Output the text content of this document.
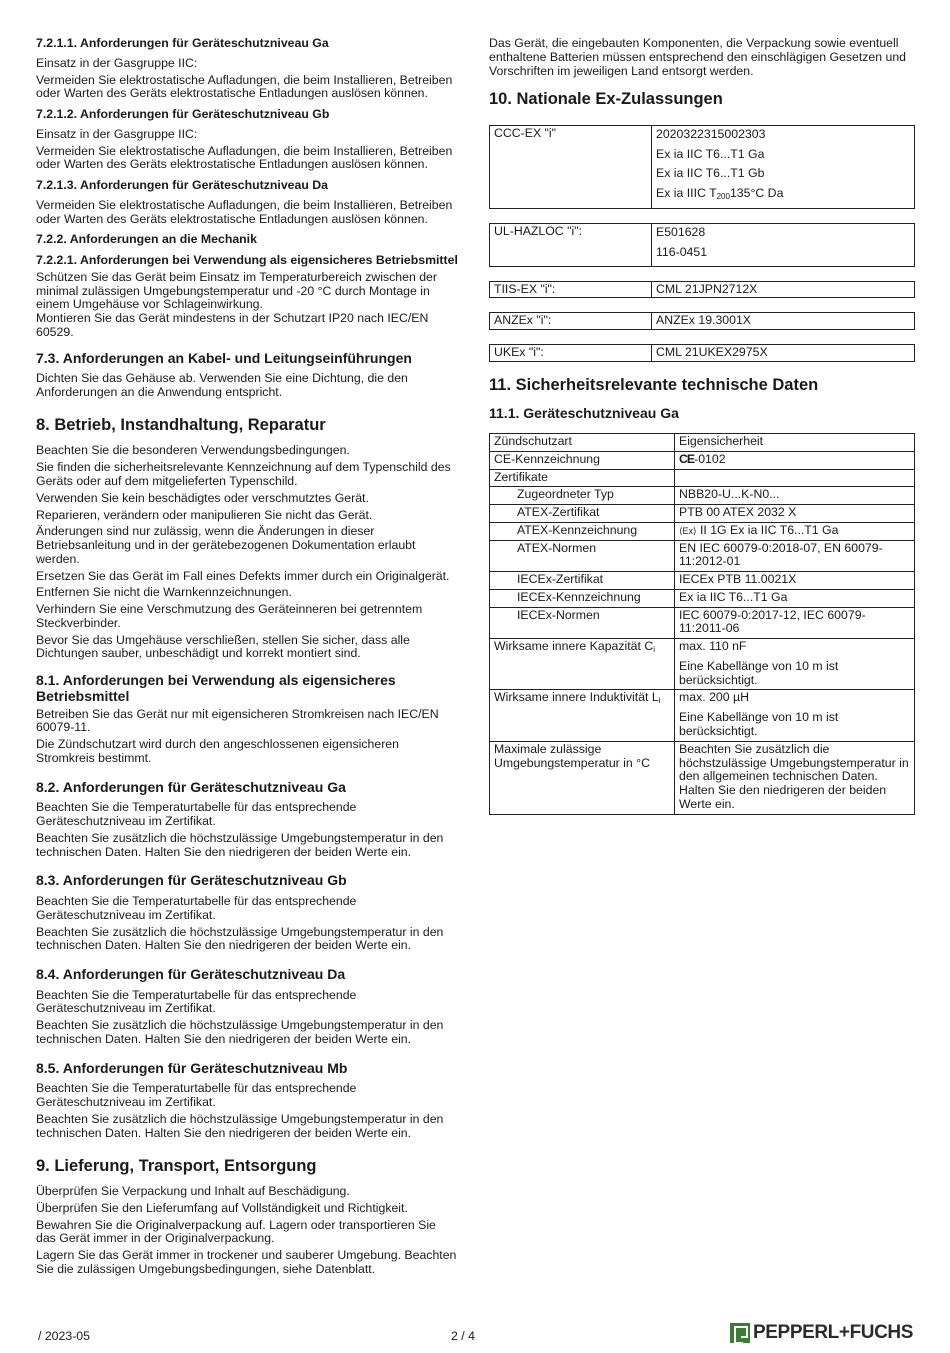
7.2.1.1. Anforderungen für Geräteschutzniveau Ga

Einsatz in der Gasgruppe IIC:

Vermeiden Sie elektrostatische Aufladungen, die beim Installieren, Betreiben oder Warten des Geräts elektrostatische Entladungen auslösen können.

7.2.1.2. Anforderungen für Geräteschutzniveau Gb

Einsatz in der Gasgruppe IIC:

Vermeiden Sie elektrostatische Aufladungen, die beim Installieren, Betreiben oder Warten des Geräts elektrostatische Entladungen auslösen können.

7.2.1.3. Anforderungen für Geräteschutzniveau Da

Vermeiden Sie elektrostatische Aufladungen, die beim Installieren, Betreiben oder Warten des Geräts elektrostatische Entladungen auslösen können.

7.2.2. Anforderungen an die Mechanik
7.2.2.1. Anforderungen bei Verwendung als eigensicheres Betriebsmittel

Schützen Sie das Gerät beim Einsatz im Temperaturbereich zwischen der minimal zulässigen Umgebungstemperatur und -20 °C durch Montage in einem Umgehäuse vor Schlageinwirkung.

Montieren Sie das Gerät mindestens in der Schutzart IP20 nach IEC/EN 60529.

7.3. Anforderungen an Kabel- und Leitungseinführungen

Dichten Sie das Gehäuse ab. Verwenden Sie eine Dichtung, die den Anforderungen an die Anwendung entspricht.

8. Betrieb, Instandhaltung, Reparatur

Beachten Sie die besonderen Verwendungsbedingungen.

Sie finden die sicherheitsrelevante Kennzeichnung auf dem Typenschild des Geräts oder auf dem mitgelieferten Typenschild.

Verwenden Sie kein beschädigtes oder verschmutztes Gerät.

Reparieren, verändern oder manipulieren Sie nicht das Gerät.

Änderungen sind nur zulässig, wenn die Änderungen in dieser Betriebsanleitung und in der gerätebezogenen Dokumentation erlaubt werden.

Ersetzen Sie das Gerät im Fall eines Defekts immer durch ein Originalgerät.

Entfernen Sie nicht die Warnkennzeichnungen.

Verhindern Sie eine Verschmutzung des Geräteinneren bei getrenntem Steckverbinder.

Bevor Sie das Umgehäuse verschließen, stellen Sie sicher, dass alle Dichtungen sauber, unbeschädigt und korrekt montiert sind.

8.1. Anforderungen bei Verwendung als eigensicheres Betriebsmittel

Betreiben Sie das Gerät nur mit eigensicheren Stromkreisen nach IEC/EN 60079-11.

Die Zündschutzart wird durch den angeschlossenen eigensicheren Stromkreis bestimmt.

8.2. Anforderungen für Geräteschutzniveau Ga

Beachten Sie die Temperaturtabelle für das entsprechende Geräteschutzniveau im Zertifikat.

Beachten Sie zusätzlich die höchstzulässige Umgebungstemperatur in den technischen Daten. Halten Sie den niedrigeren der beiden Werte ein.

8.3. Anforderungen für Geräteschutzniveau Gb

Beachten Sie die Temperaturtabelle für das entsprechende Geräteschutzniveau im Zertifikat.

Beachten Sie zusätzlich die höchstzulässige Umgebungstemperatur in den technischen Daten. Halten Sie den niedrigeren der beiden Werte ein.

8.4. Anforderungen für Geräteschutzniveau Da

Beachten Sie die Temperaturtabelle für das entsprechende Geräteschutzniveau im Zertifikat.

Beachten Sie zusätzlich die höchstzulässige Umgebungstemperatur in den technischen Daten. Halten Sie den niedrigeren der beiden Werte ein.

8.5. Anforderungen für Geräteschutzniveau Mb

Beachten Sie die Temperaturtabelle für das entsprechende Geräteschutzniveau im Zertifikat.

Beachten Sie zusätzlich die höchstzulässige Umgebungstemperatur in den technischen Daten. Halten Sie den niedrigeren der beiden Werte ein.

9. Lieferung, Transport, Entsorgung

Überprüfen Sie Verpackung und Inhalt auf Beschädigung.

Überprüfen Sie den Lieferumfang auf Vollständigkeit und Richtigkeit.

Bewahren Sie die Originalverpackung auf. Lagern oder transportieren Sie das Gerät immer in der Originalverpackung.

Lagern Sie das Gerät immer in trockener und sauberer Umgebung. Beachten Sie die zulässigen Umgebungsbedingungen, siehe Datenblatt.

Das Gerät, die eingebauten Komponenten, die Verpackung sowie eventuell enthaltene Batterien müssen entsprechend den einschlägigen Gesetzen und Vorschriften im jeweiligen Land entsorgt werden.

10. Nationale Ex-Zulassungen
CCC-EX "i"	2020322315002303
Ex ia IIC T6...T1 Ga
Ex ia IIC T6...T1 Gb
Ex ia IIIC $T_{200}135^\circ C$ Da
UL-HAZLOC "i":	E501628
116-0451
TIIS-EX "i":	CML 21JPN2712X
ANZEx "i":	ANZEx 19.3001X
UKEx "i":	CML 21UKEX2975X
11. Sicherheitsrelevante technische Daten
11.1. Geräteschutzniveau Ga
Zündschutzart	Eigensicherheit
CE-Kennzeichnung	CE-0102
Zertifikate	
Zugeordneter Typ	NBB20-U...K-N0...
ATEX-Zertifikat	PTB 00 ATEX 2032 X
ATEX-Kennzeichnung	⟨Ex⟩ II 1G Ex ia IIC T6...T1 Ga
ATEX-Normen	EN IEC 60079-0:2018-07, EN 60079-11:2012-01
IECEx-Zertifikat	IECEx PTB 11.0021X
IECEx-Kennzeichnung	Ex ia IIC T6...T1 Ga
IECEx-Normen	IEC 60079-0:2017-12, IEC 60079-11:2011-06
Wirksame innere Kapazität $C_i$	max. 110 nF
Eine Kabellänge von 10 m ist berücksichtigt.

Wirksame innere Induktivität $L_i$	max. 200 µH
Eine Kabellänge von 10 m ist berücksichtigt.

Maximale zulässige Umgebungstemperatur in °C	Beachten Sie zusätzlich die höchstzulässige Umgebungstemperatur in den allgemeinen technischen Daten. Halten Sie den niedrigeren der beiden Werte ein.
/ 2023-05	2 / 4	PEPPERL+FUCHS
